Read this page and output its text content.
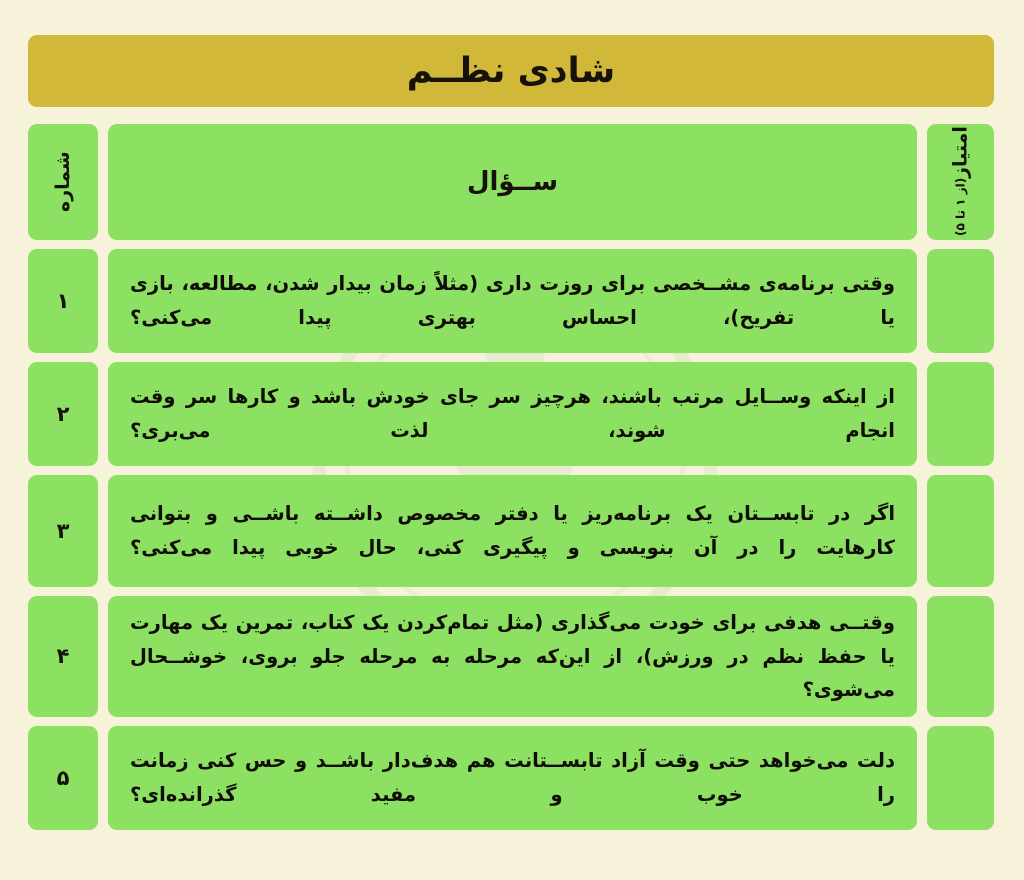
شادی نظــم
شماره	ســؤال
امتیاز
(از ۱ تا ۵)
۱
وقتی برنامه‌ی مشــخصی برای روزت داری (مثلاً زمان بیدار شدن، مطالعه، بازی یا تفریح)، احساس بهتری پیدا می‌کنی؟
۲
از اینکه وســایل مرتب باشند، هرچیز سر جای خودش باشد و کارها سر وقت انجام شوند، لذت می‌بری؟
۳
اگر در تابســتان یک برنامه‌ریز یا دفتر مخصوص داشــته باشــی و بتوانی کارهایت را در آن بنویسی و پیگیری کنی، حال خوبی پیدا می‌کنی؟
۴
وقتــی هدفی برای خودت می‌گذاری (مثل تمام‌کردن یک کتاب، تمرین یک مهارت یا حفظ نظم در ورزش)، از این‌که مرحله به مرحله جلو بروی، خوشــحال می‌شوی؟
۵
دلت می‌خواهد حتی وقت آزاد تابســتانت هم هدف‌دار باشــد و حس کنی زمانت را خوب و مفید گذرانده‌ای؟
